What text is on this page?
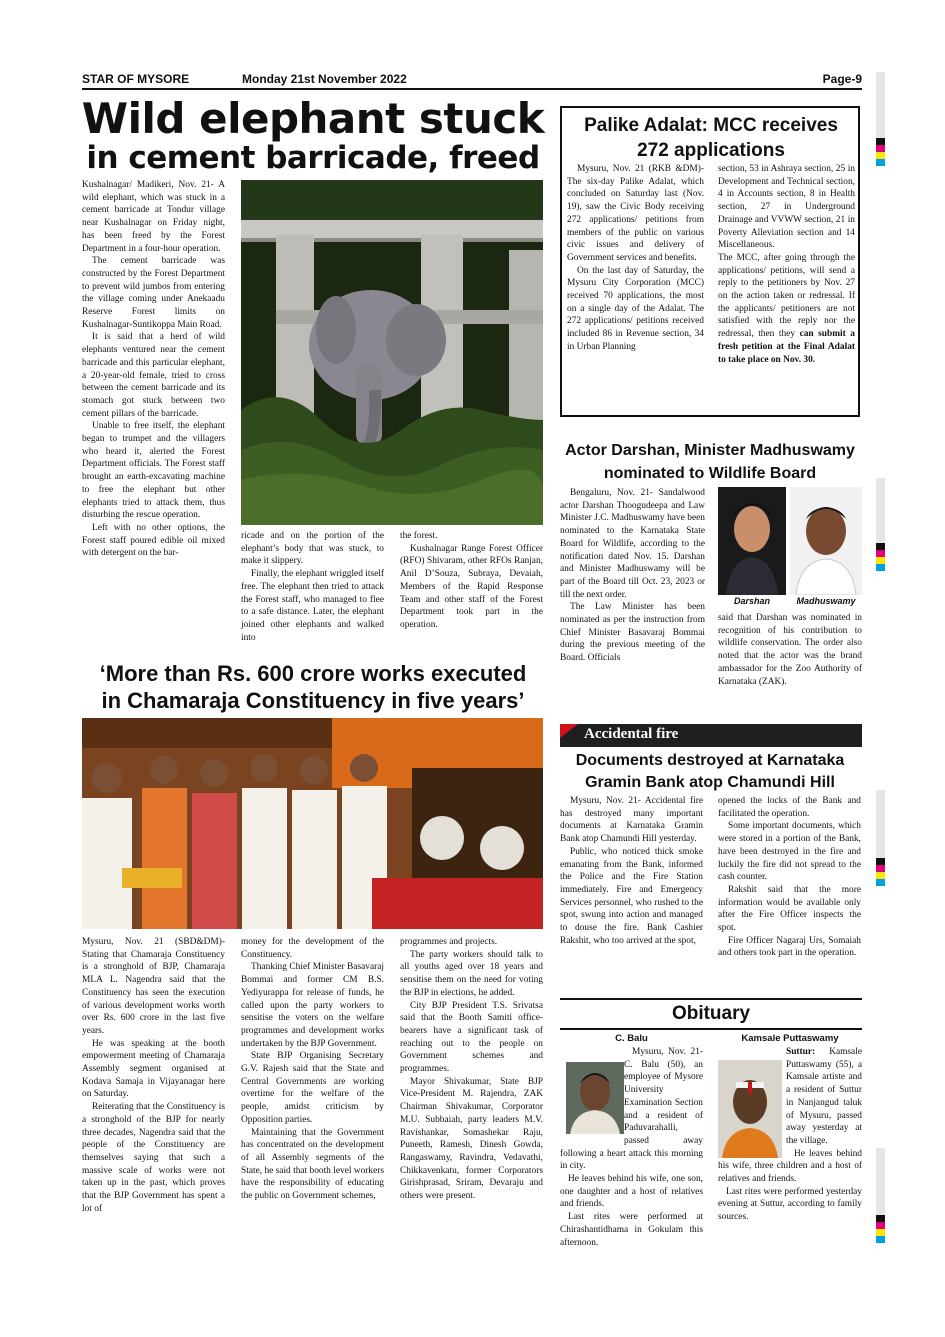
STAR OF MYSORE	Monday 21st November 2022	Page-9
Wild elephant stuck
in cement barricade, freed

Kushalnagar/ Madikeri, Nov. 21- A wild elephant, which was stuck in a cement barricade at Tondur village near Kushalnagar on Friday night, has been freed by the Forest Department in a four-hour operation.

The cement barricade was constructed by the Forest Department to prevent wild jumbos from entering the village coming under Anekaadu Reserve Forest limits on Kushalnagar-Suntikoppa Main Road.

It is said that a herd of wild elephants ventured near the cement barricade and this particular elephant, a 20-year-old female, tried to cross between the cement barricade and its stomach got stuck between two cement pillars of the barricade.

Unable to free itself, the elephant began to trumpet and the villagers who heard it, alerted the Forest Department officials. The Forest staff brought an earth-excavating machine to free the elephant but other elephants tried to attack them, thus disturbing the rescue operation.

Left with no other options, the Forest staff poured edible oil mixed with detergent on the bar-

ricade and on the portion of the elephant’s body that was stuck, to make it slippery.

Finally, the elephant wriggled itself free. The elephant then tried to attack the Forest staff, who managed to flee to a safe distance. Later, the elephant joined other elephants and walked into

the forest.

Kushalnagar Range Forest Officer (RFO) Shivaram, other RFOs Ranjan, Anil D’Souza, Subraya, Devaiah, Members of the Rapid Response Team and other staff of the Forest Department took part in the operation.

Palike Adalat: MCC receives 272 applications

Mysuru, Nov. 21 (RKB &DM)- The six-day Palike Adalat, which concluded on Saturday last (Nov. 19), saw the Civic Body receiving 272 applications/ petitions from members of the public on various civic issues and delivery of Government services and benefits.

On the last day of Saturday, the Mysuru City Corporation (MCC) received 70 applications, the most on a single day of the Adalat. The 272 applications/ petitions received included 86 in Revenue section, 34 in Urban Planning

section, 53 in Ashraya section, 25 in Development and Technical section, 4 in Accounts section, 8 in Health section, 27 in Underground Drainage and VVWW section, 21 in Poverty Alleviation section and 14 Miscellaneous.

The MCC, after going through the applications/ petitions, will send a reply to the petitioners by Nov. 27 on the action taken or redressal. If the applicants/ petitioners are not satisfied with the reply nor the redressal, then they can submit a fresh petition at the Final Adalat to take place on Nov. 30.
Actor Darshan, Minister Madhuswamy nominated to Wildlife Board

Bengaluru, Nov. 21- Sandalwood actor Darshan Thoogudeepa and Law Minister J.C. Madhuswamy have been nominated to the Karnataka State Board for Wildlife, according to the notification dated Nov. 15. Darshan and Minister Madhuswamy will be part of the Board till Oct. 23, 2023 or till the next order.

The Law Minister has been nominated as per the instruction from Chief Minister Basavaraj Bommai during the previous meeting of the Board. Officials

Darshan	Madhuswamy

said that Darshan was nominated in recognition of his contribution to wildlife conservation. The order also noted that the actor was the brand ambassador for the Zoo Authority of Karnataka (ZAK).

Accidental fire
Documents destroyed at Karnataka Gramin Bank atop Chamundi Hill

Mysuru, Nov. 21- Accidental fire has destroyed many important documents at Karnataka Gramin Bank atop Chamundi Hill yesterday.

Public, who noticed thick smoke emanating from the Bank, informed the Police and the Fire Station immediately. Fire and Emergency Services personnel, who rushed to the spot, swung into action and managed to douse the fire. Bank Cashier Rakshit, who too arrived at the spot,

opened the locks of the Bank and facilitated the operation.

Some important documents, which were stored in a portion of the Bank, have been destroyed in the fire and luckily the fire did not spread to the cash counter.

Rakshit said that the more information would be available only after the Fire Officer inspects the spot.

Fire Officer Nagaraj Urs, Somaiah and others took part in the operation.

‘More than Rs. 600 crore works executed
in Chamaraja Constituency in five years’

Mysuru, Nov. 21 (SBD&DM)- Stating that Chamaraja Constituency is a stronghold of BJP, Chamaraja MLA L. Nagendra said that the Constituency has seen the execution of various development works worth over Rs. 600 crore in the last five years.

He was speaking at the booth empowerment meeting of Chamaraja Assembly segment organised at Kodava Samaja in Vijayanagar here on Saturday.

Reiterating that the Constituency is a stronghold of the BJP for nearly three decades, Nagendra said that the people of the Constituency are themselves saying that such a massive scale of works were not taken up in the past, which proves that the BJP Government has spent a lot of

money for the development of the Constituency.

Thanking Chief Minister Basavaraj Bommai and former CM B.S. Yediyurappa for release of funds, he called upon the party workers to sensitise the voters on the welfare programmes and development works undertaken by the BJP Government.

State BJP Organising Secretary G.V. Rajesh said that the State and Central Governments are working overtime for the welfare of the people, amidst criticism by Opposition parties.

Maintaining that the Government has concentrated on the development of all Assembly segments of the State, he said that booth level workers have the responsibility of educating the public on Government schemes,

programmes and projects.

The party workers should talk to all youths aged over 18 years and sensitise them on the need for voting the BJP in elections, he added.

City BJP President T.S. Srivatsa said that the Booth Samiti office-bearers have a significant task of reaching out to the people on Government schemes and programmes.

Mayor Shivakumar, State BJP Vice-President M. Rajendra, ZAK Chairman Shivakumar, Corporator M.U. Subbaiah, party leaders M.V. Ravishankar, Somashekar Raju, Puneeth, Ramesh, Dinesh Gowda, Rangaswamy, Ravindra, Vedavathi, Chikkavenkatu, former Corporators Girishprasad, Sriram, Devaraju and others were present.

Obituary
C. Balu

Mysuru, Nov. 21- C. Balu (50), an employee of Mysore University Examination Section and a resident of Paduvarahalli, passed away following a heart attack this morning in city.

He leaves behind his wife, one son, one daughter and a host of relatives and friends.

Last rites were performed at Chirashantidhama in Gokulam this afternoon.

Kamsale Puttaswamy

Suttur: Kamsale Puttaswamy (55), a Kamsale artiste and a resident of Suttur in Nanjangud taluk of Mysuru, passed away yesterday at the village.

He leaves behind his wife, three children and a host of relatives and friends.

Last rites were performed yesterday evening at Suttur, according to family sources.
